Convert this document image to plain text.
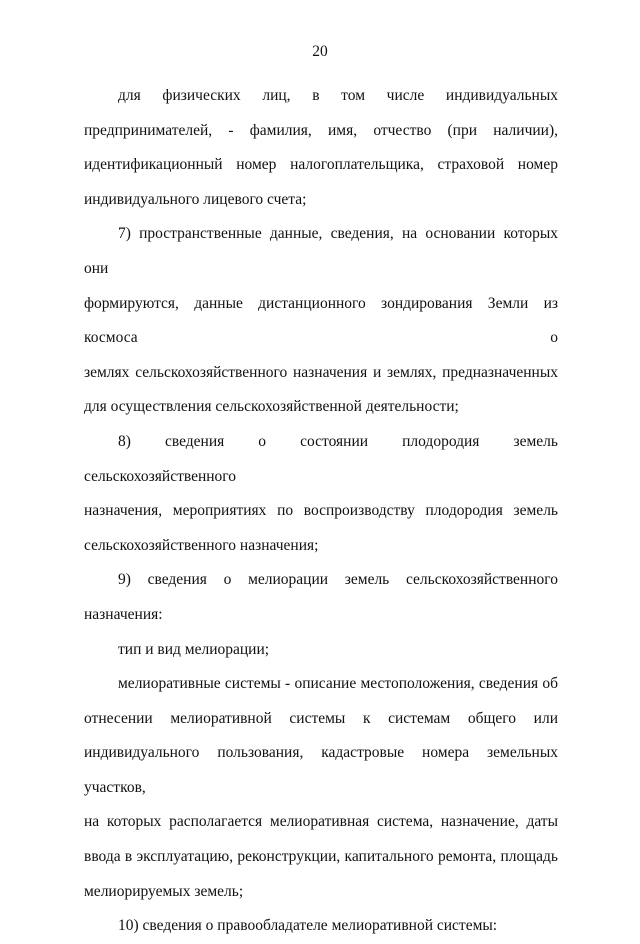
20

для физических лиц, в том числе индивидуальных

предпринимателей, - фамилия, имя, отчество (при наличии),

идентификационный номер налогоплательщика, страховой номер

индивидуального лицевого счета;

7) пространственные данные, сведения, на основании которых они

формируются, данные дистанционного зондирования Земли из космоса о

землях сельскохозяйственного назначения и землях, предназначенных

для осуществления сельскохозяйственной деятельности;

8) сведения о состоянии плодородия земель сельскохозяйственного

назначения, мероприятиях по воспроизводству плодородия земель

сельскохозяйственного назначения;

9) сведения о мелиорации земель сельскохозяйственного

назначения:

тип и вид мелиорации;

мелиоративные системы - описание местоположения, сведения об

отнесении мелиоративной системы к системам общего или

индивидуального пользования, кадастровые номера земельных участков,

на которых располагается мелиоративная система, назначение, даты

ввода в эксплуатацию, реконструкции, капитального ремонта, площадь

мелиорируемых земель;

10) сведения о правообладателе мелиоративной системы:
